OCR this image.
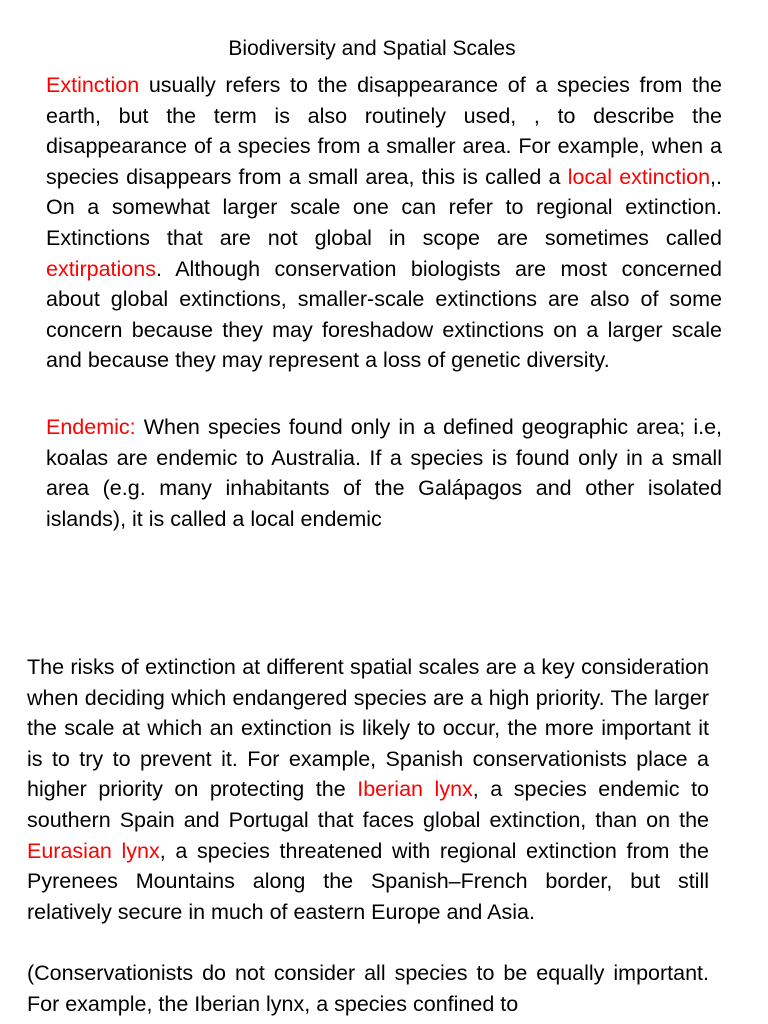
Biodiversity and Spatial Scales

Extinction usually refers to the disappearance of a species from the earth, but the term is also routinely used, , to describe the disappearance of a species from a smaller area. For example, when a species disappears from a small area, this is called a local extinction,. On a somewhat larger scale one can refer to regional extinction. Extinctions that are not global in scope are sometimes called extirpations. Although conservation biologists are most concerned about global extinctions, smaller-scale extinctions are also of some concern because they may foreshadow extinctions on a larger scale and because they may represent a loss of genetic diversity.

Endemic: When species found only in a defined geographic area; i.e, koalas are endemic to Australia. If a species is found only in a small area (e.g. many inhabitants of the Galápagos and other isolated islands), it is called a local endemic

The risks of extinction at different spatial scales are a key consideration when deciding which endangered species are a high priority. The larger the scale at which an extinction is likely to occur, the more important it is to try to prevent it. For example, Spanish conservationists place a higher priority on protecting the Iberian lynx, a species endemic to southern Spain and Portugal that faces global extinction, than on the Eurasian lynx, a species threatened with regional extinction from the Pyrenees Mountains along the Spanish–French border, but still relatively secure in much of eastern Europe and Asia.

(Conservationists do not consider all species to be equally important. For example, the Iberian lynx, a species confined to
